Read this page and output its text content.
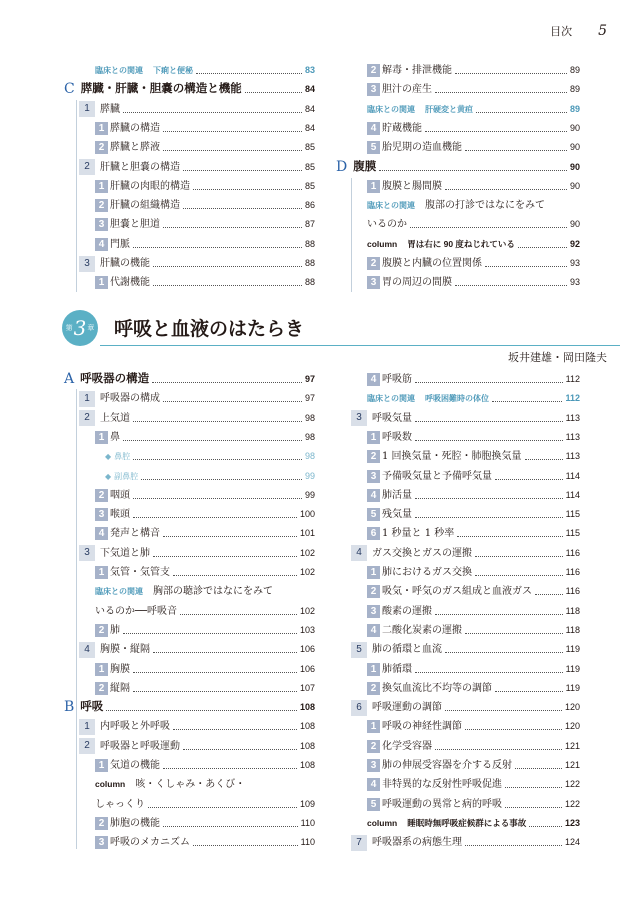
目次 5
臨床との関連 下痢と便秘	83
C 膵臓・肝臓・胆嚢の構造と機能	84
1	膵臓	84
1 膵臓の構造	84
2 膵臓と膵液	85
2	肝臓と胆嚢の構造	85
1 肝臓の肉眼的構造	85
2 肝臓の組織構造	86
3 胆嚢と胆道	87
4 門脈	88
3	肝臓の機能	88
1 代謝機能	88
2 解毒・排泄機能	89
3 胆汁の産生	89
臨床との関連 肝硬変と黄疸	89
4 貯蔵機能	90
5 胎児期の造血機能	90
D 腹膜	90
1 腹膜と腸間膜	90
臨床との関連 腹部の打診ではなにをみて
いるのか	90
column 胃は右に 90 度ねじれている	92
2 腹膜と内臓の位置関係	93
3 胃の周辺の間膜	93
第 3 章 呼吸と血液のはたらき
坂井建雄・岡田隆夫
A 呼吸器の構造	97
1	呼吸器の構成	97
2	上気道	98
1 鼻	98
◆ 鼻腔	98
◆ 副鼻腔	99
2 咽頭	99
3 喉頭	100
4 発声と構音	101
3	下気道と肺	102
1 気管・気管支	102
臨床との関連 胸部の聴診ではなにをみて
いるのか──呼吸音	102
2 肺	103
4	胸膜・縦隔	106
1 胸膜	106
2 縦隔	107
B 呼吸	108
1	内呼吸と外呼吸	108
2	呼吸器と呼吸運動	108
1 気道の機能	108
column 咳・くしゃみ・あくび・
しゃっくり	109
2 肺胞の機能	110
3 呼吸のメカニズム	110
4 呼吸筋	112
臨床との関連 呼吸困難時の体位	112
3	呼吸気量	113
1 呼吸数	113
2 1 回換気量・死腔・肺胞換気量	113
3 予備吸気量と予備呼気量	114
4 肺活量	114
5 残気量	115
6 1 秒量と 1 秒率	115
4	ガス交換とガスの運搬	116
1 肺におけるガス交換	116
2 吸気・呼気のガス組成と血液ガス	116
3 酸素の運搬	118
4 二酸化炭素の運搬	118
5	肺の循環と血流	119
1 肺循環	119
2 換気血流比不均等の調節	119
6	呼吸運動の調節	120
1 呼吸の神経性調節	120
2 化学受容器	121
3 肺の伸展受容器を介する反射	121
4 非特異的な反射性呼吸促進	122
5 呼吸運動の異常と病的呼吸	122
column 睡眠時無呼吸症候群による事故	123
7	呼吸器系の病態生理	124
